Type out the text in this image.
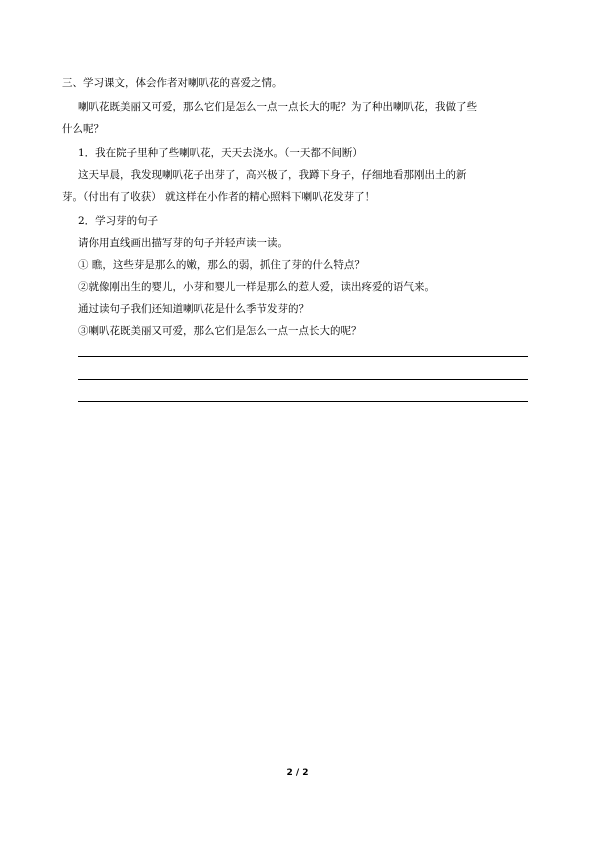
三、学习课文，体会作者对喇叭花的喜爱之情。
喇叭花既美丽又可爱，那么它们是怎么一点一点长大的呢？为了种出喇叭花，我做了些
什么呢？
1．我在院子里种了些喇叭花，天天去浇水。（一天都不间断）
这天早晨，我发现喇叭花子出芽了，高兴极了，我蹲下身子，仔细地看那刚出土的新
芽。（付出有了收获） 就这样在小作者的精心照料下喇叭花发芽了！
2．学习芽的句子
请你用直线画出描写芽的句子并轻声读一读。
① 瞧，这些芽是那么的嫩，那么的弱，抓住了芽的什么特点？
②就像刚出生的婴儿，小芽和婴儿一样是那么的惹人爱，读出疼爱的语气来。
通过读句子我们还知道喇叭花是什么季节发芽的？
③喇叭花既美丽又可爱，那么它们是怎么一点一点长大的呢？
2 / 2
